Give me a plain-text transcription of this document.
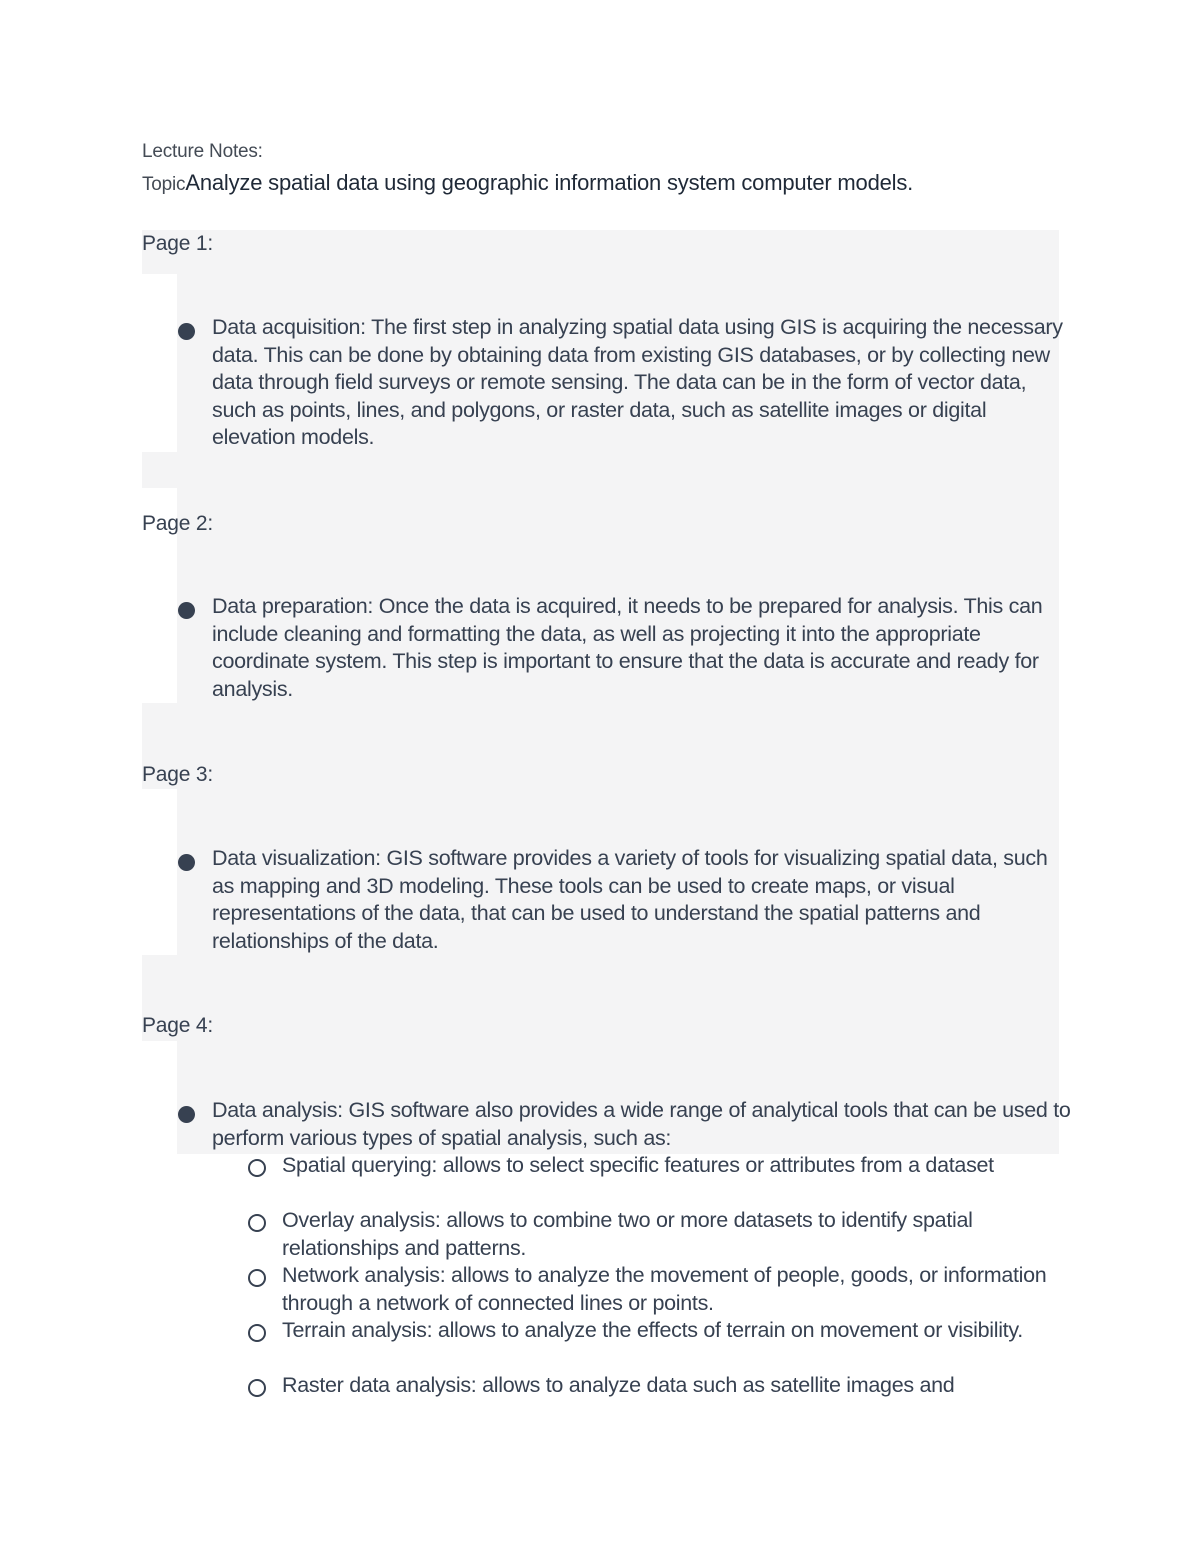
Lecture Notes:
TopicAnalyze spatial data using geographic information system computer models.
Page 1:
Data acquisition: The first step in analyzing spatial data using GIS is acquiring the necessary data. This can be done by obtaining data from existing GIS databases, or by collecting new data through field surveys or remote sensing. The data can be in the form of vector data, such as points, lines, and polygons, or raster data, such as satellite images or digital elevation models.
Page 2:
Data preparation: Once the data is acquired, it needs to be prepared for analysis. This can include cleaning and formatting the data, as well as projecting it into the appropriate coordinate system. This step is important to ensure that the data is accurate and ready for analysis.
Page 3:
Data visualization: GIS software provides a variety of tools for visualizing spatial data, such as mapping and 3D modeling. These tools can be used to create maps, or visual representations of the data, that can be used to understand the spatial patterns and relationships of the data.
Page 4:
Data analysis: GIS software also provides a wide range of analytical tools that can be used to perform various types of spatial analysis, such as:
Spatial querying: allows to select specific features or attributes from a dataset
Overlay analysis: allows to combine two or more datasets to identify spatial relationships and patterns.
Network analysis: allows to analyze the movement of people, goods, or information through a network of connected lines or points.
Terrain analysis: allows to analyze the effects of terrain on movement or visibility.
Raster data analysis: allows to analyze data such as satellite images and
